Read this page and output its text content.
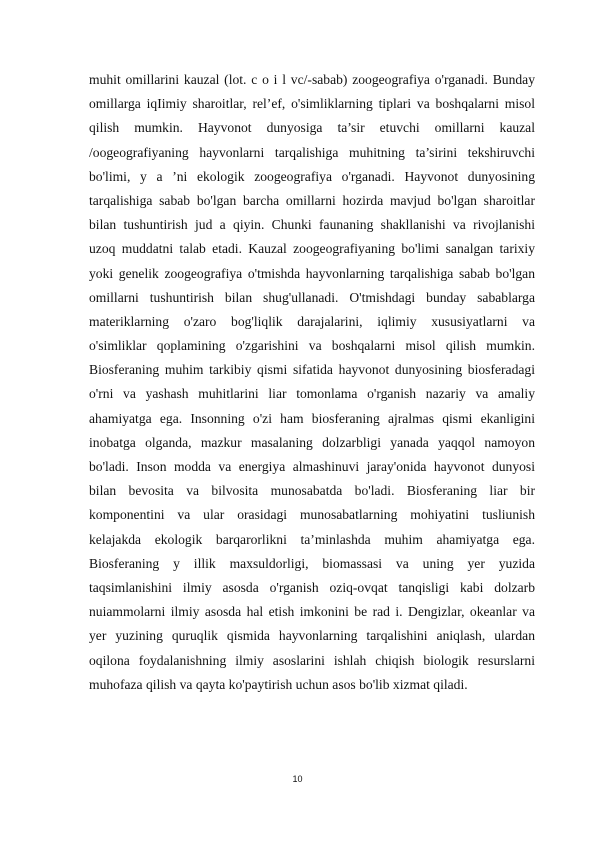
muhit omillarini kauzal (lot. c o i l vc/-sabab) zoogeografiya o'rganadi. Bunday
omillarga iqIimiy sharoitlar, rel’ef, o'simliklarning tiplari va boshqalarni misol
qilish mumkin. Hayvonot dunyosiga ta’sir etuvchi omillarni kauzal
/oogeografiyaning hayvonlarni tarqalishiga muhitning ta’sirini tekshiruvchi
bo'limi, y a ’ni ekologik zoogeografiya o'rganadi. Hayvonot dunyosining
tarqalishiga sabab bo'lgan barcha omillarni hozirda mavjud bo'lgan sharoitlar
bilan tushuntirish jud a qiyin. Chunki faunaning shakllanishi va rivojlanishi
uzoq muddatni talab etadi. Kauzal zoogeografiyaning bo'limi sanalgan tarixiy
yoki genelik zoogeografiya o'tmishda hayvonlarning tarqalishiga sabab bo'lgan
omillarni tushuntirish bilan shug'ullanadi. O'tmishdagi bunday sabablarga
materiklarning o'zaro bog'liqlik darajalarini, iqlimiy xususiyatlarni va
o'simliklar qoplamining o'zgarishini va boshqalarni misol qilish mumkin.
Biosferaning muhim tarkibiy qismi sifatida hayvonot dunyosining biosferadagi
o'rni va yashash muhitlarini liar tomonlama o'rganish nazariy va amaliy
ahamiyatga ega. Insonning o'zi ham biosferaning ajralmas qismi ekanligini
inobatga olganda, mazkur masalaning dolzarbligi yanada yaqqol namoyon
bo'ladi. Inson modda va energiya almashinuvi jaray'onida hayvonot dunyosi
bilan bevosita va bilvosita munosabatda bo'ladi. Biosferaning liar bir
komponentini va ular orasidagi munosabatlarning mohiyatini tusliunish
kelajakda ekologik barqarorlikni ta’minlashda muhim ahamiyatga ega.
Biosferaning y illik maxsuldorligi, biomassasi va uning yer yuzida
taqsimlanishini ilmiy asosda o'rganish oziq-ovqat tanqisligi kabi dolzarb
nuiammolarni ilmiy asosda hal etish imkonini be rad i. Dengizlar, okeanlar va
yer yuzining quruqlik qismida hayvonlarning tarqalishini aniqlash, ulardan
oqilona foydalanishning ilmiy asoslarini ishlah chiqish biologik resurslarni
muhofaza qilish va qayta ko'paytirish uchun asos bo'lib xizmat qiladi.
10
